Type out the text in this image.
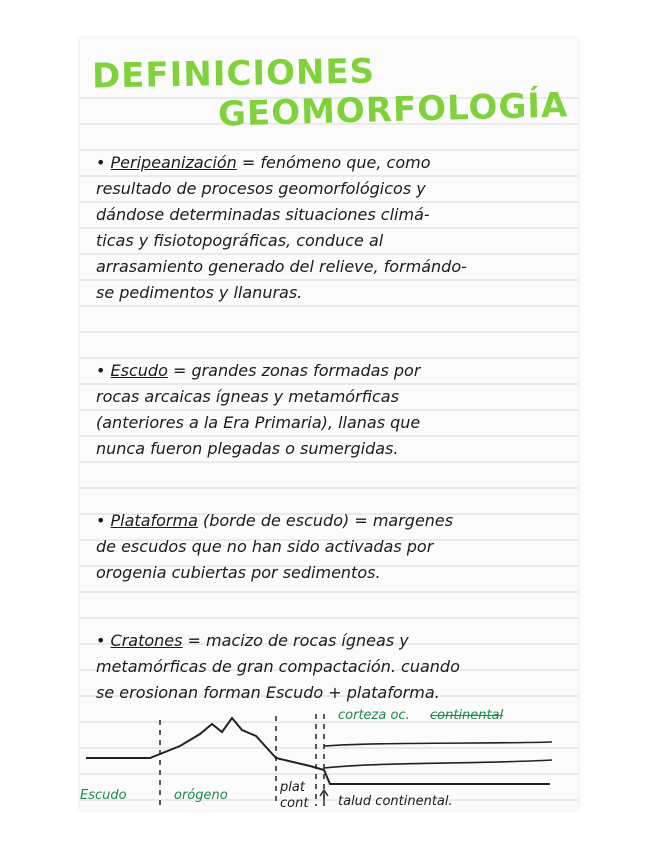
DEFINICIONES
GEOMORFOLOGÍA
• Peripeanización = fenómeno que, como
resultado de procesos geomorfológicos y
dándose determinadas situaciones climá-
ticas y fisiotopográficas, conduce al
arrasamiento generado del relieve, formándo-
se pedimentos y llanuras.
• Escudo = grandes zonas formadas por
rocas arcaicas ígneas y metamórficas
(anteriores a la Era Primaria), llanas que
nunca fueron plegadas o sumergidas.
• Plataforma (borde de escudo) = margenes
de escudos que no han sido activadas por
orogenia cubiertas por sedimentos.
• Cratones = macizo de rocas ígneas y
metamórficas de gran compactación. cuando
se erosionan forman Escudo + plataforma.
corteza oc. continental
Escudo	orógeno
plat
cont talud continental.
